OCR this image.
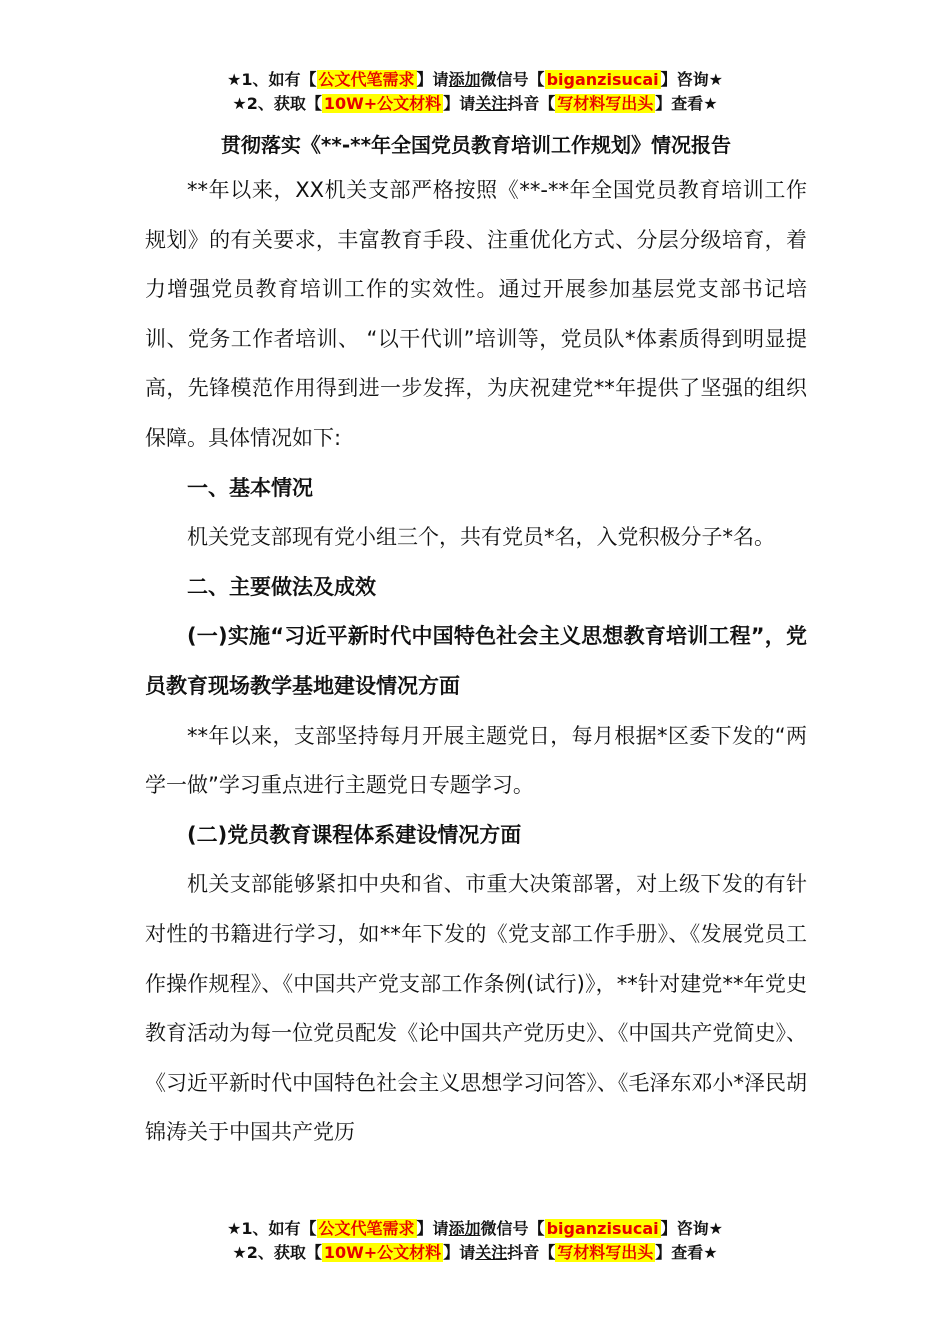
★1、如有【 公文代笔需求 】请添加微信号【 biganzisucai 】咨询★
★2、获取【 10W+公文材料 】请关注抖音【 写材料写出头 】查看★
贯彻落实《**-**年全国党员教育培训工作规划》情况报告

**年以来，XX机关支部严格按照《**-**年全国党员教育培训工作规划》的有关要求，丰富教育手段、注重优化方式、分层分级培育，着力增强党员教育培训工作的实效性。通过开展参加基层党支部书记培训、党务工作者培训、 “以干代训”培训等，党员队*体素质得到明显提高，先锋模范作用得到进一步发挥，为庆祝建党**年提供了坚强的组织保障。具体情况如下:

一、基本情况

机关党支部现有党小组三个，共有党员*名，入党积极分子*名。

二、主要做法及成效

(一)实施“习近平新时代中国特色社会主义思想教育培训工程”，党员教育现场教学基地建设情况方面

**年以来，支部坚持每月开展主题党日，每月根据*区委下发的“两学一做”学习重点进行主题党日专题学习。

(二)党员教育课程体系建设情况方面

机关支部能够紧扣中央和省、市重大决策部署，对上级下发的有针对性的书籍进行学习，如**年下发的《党支部工作手册》、《发展党员工作操作规程》、《中国共产党支部工作条例(试行)》，**针对建党**年党史教育活动为每一位党员配发《论中国共产党历史》、《中国共产党简史》、《习近平新时代中国特色社会主义思想学习问答》、《毛泽东邓小*泽民胡锦涛关于中国共产党历

★1、如有【 公文代笔需求 】请添加微信号【 biganzisucai 】咨询★
★2、获取【 10W+公文材料 】请关注抖音【 写材料写出头 】查看★
